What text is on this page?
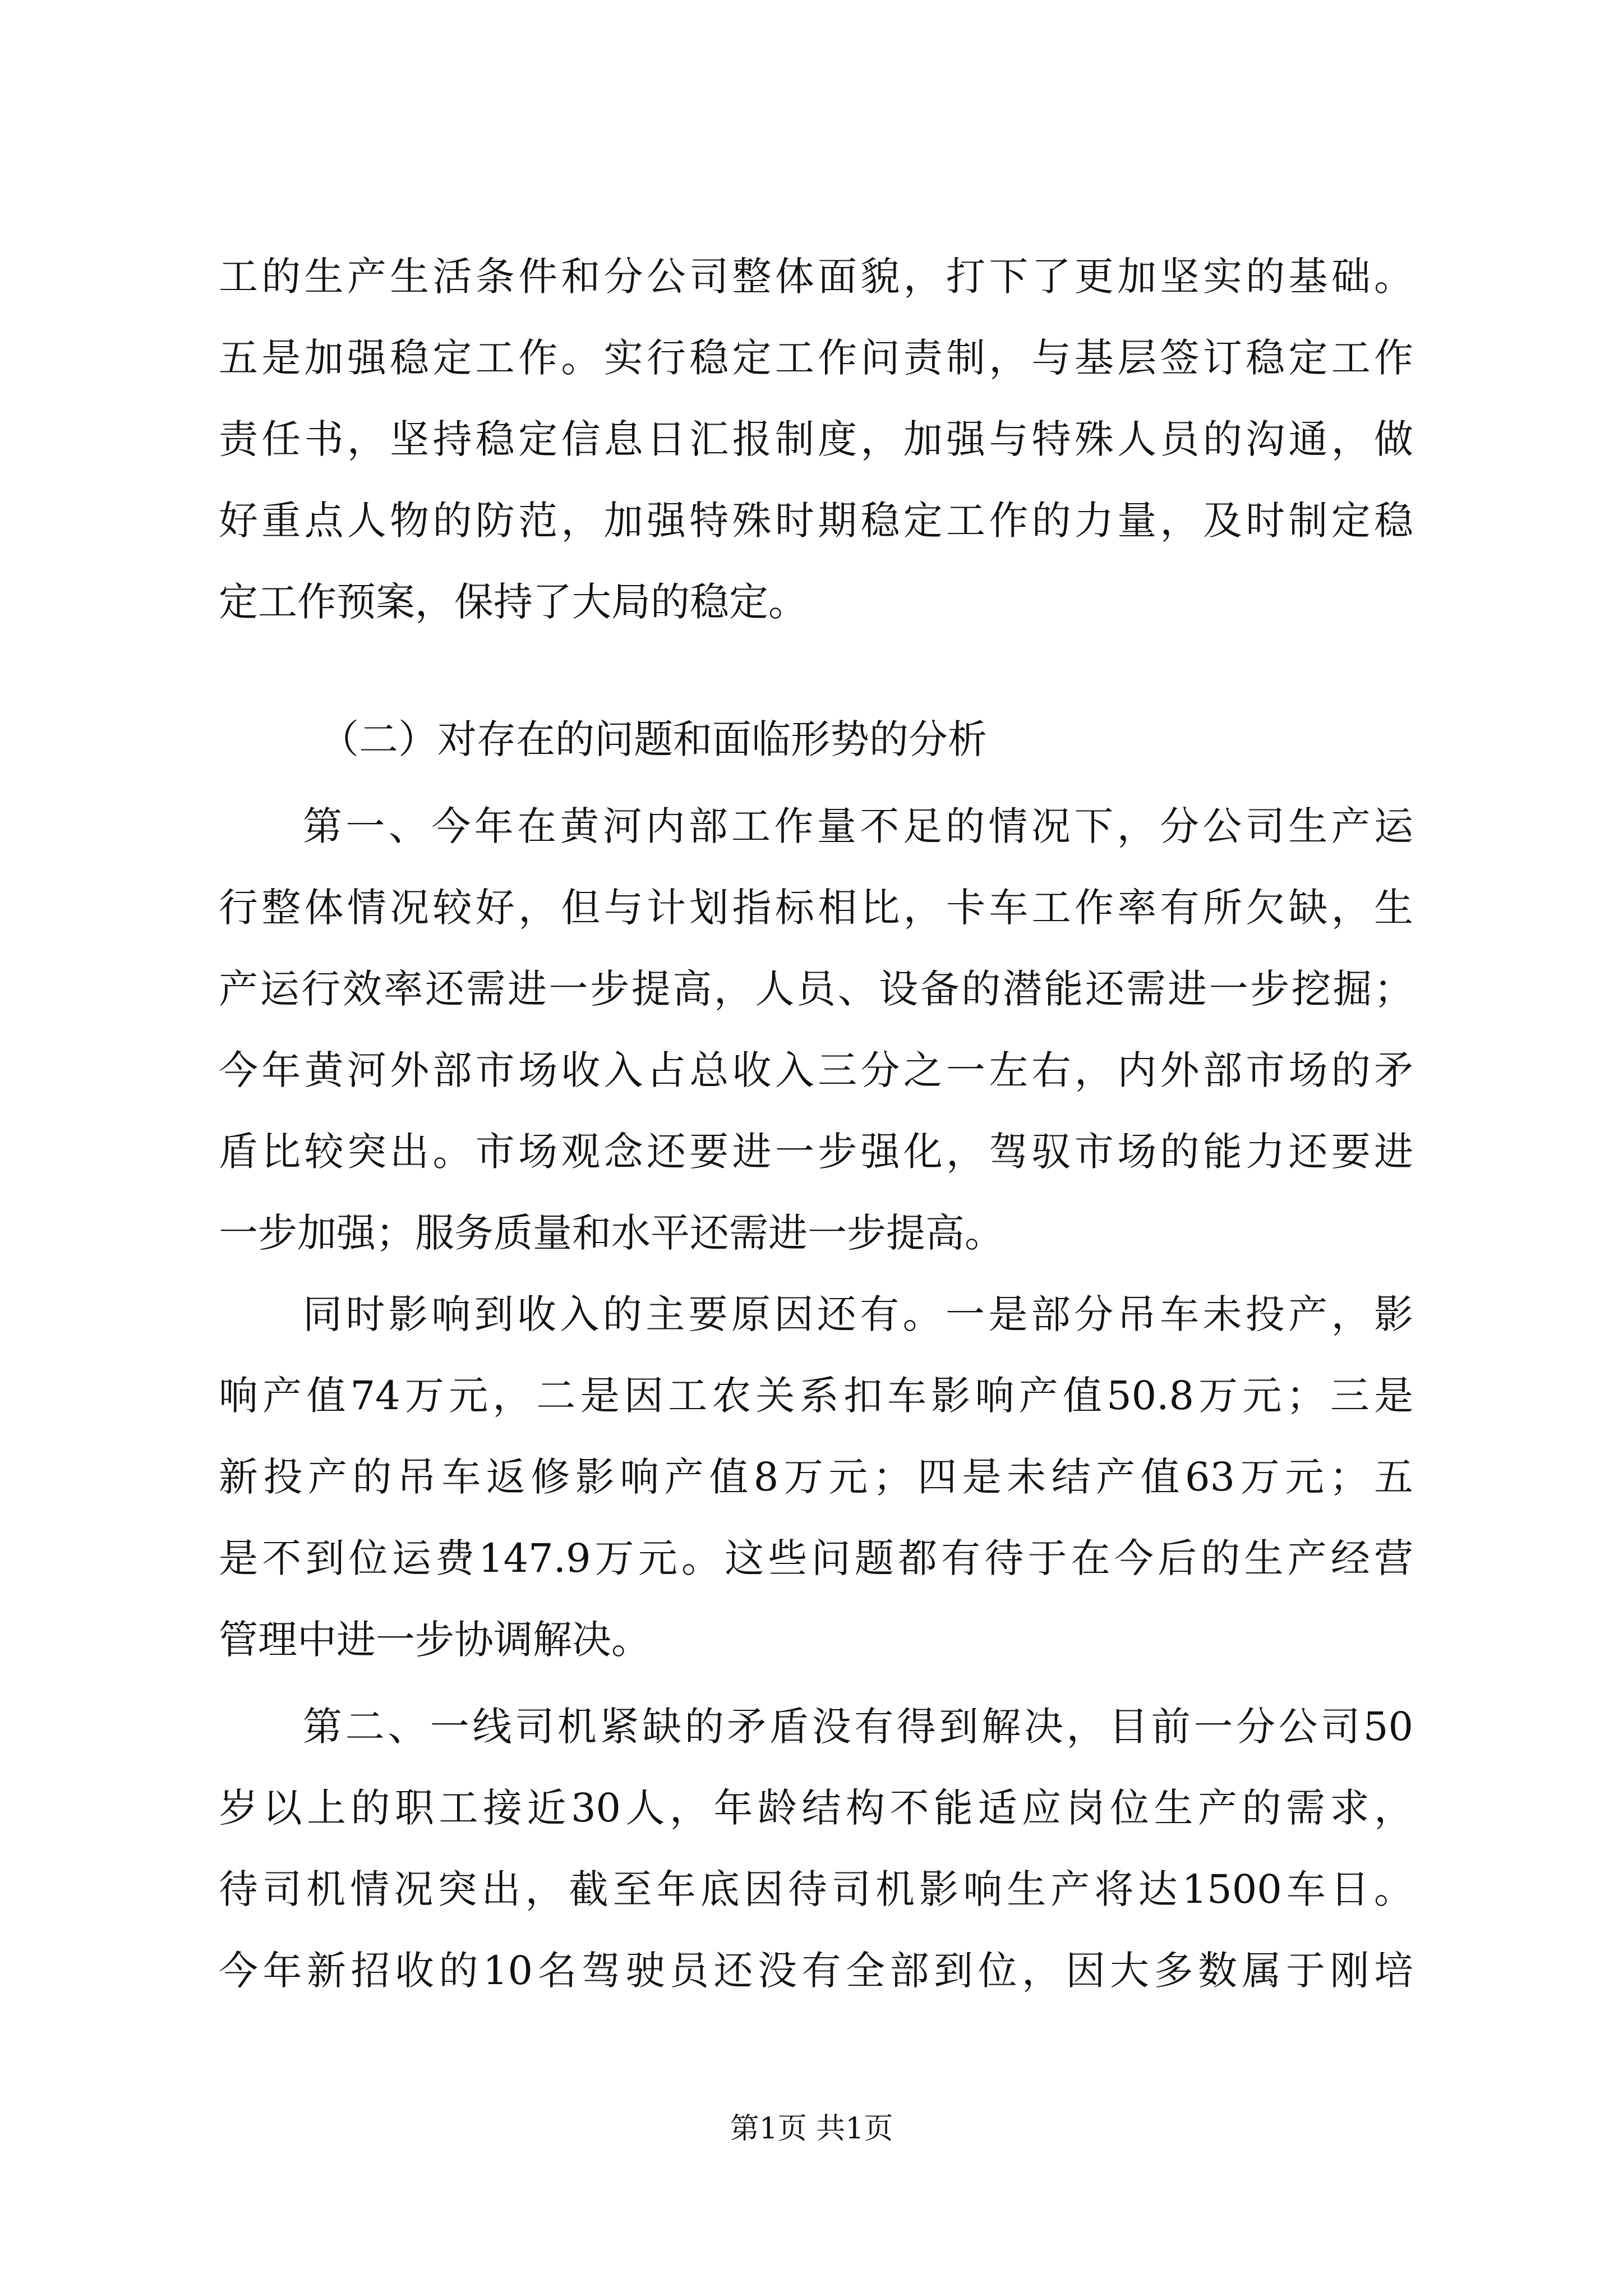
工的生产生活条件和分公司整体面貌，打下了更加坚实的基础。
五是加强稳定工作。实行稳定工作问责制，与基层签订稳定工作
责任书，坚持稳定信息日汇报制度，加强与特殊人员的沟通，做
好重点人物的防范，加强特殊时期稳定工作的力量，及时制定稳
定工作预案，保持了大局的稳定。
（二）对存在的问题和面临形势的分析
第一、今年在黄河内部工作量不足的情况下，分公司生产运
行整体情况较好，但与计划指标相比，卡车工作率有所欠缺，生
产运行效率还需进一步提高，人员、设备的潜能还需进一步挖掘；
今年黄河外部市场收入占总收入三分之一左右，内外部市场的矛
盾比较突出。市场观念还要进一步强化，驾驭市场的能力还要进
一步加强；服务质量和水平还需进一步提高。
同时影响到收入的主要原因还有。一是部分吊车未投产，影
响产值74万元，二是因工农关系扣车影响产值50.8万元；三是
新投产的吊车返修影响产值8万元；四是未结产值63万元；五
是不到位运费147.9万元。这些问题都有待于在今后的生产经营
管理中进一步协调解决。
第二、一线司机紧缺的矛盾没有得到解决，目前一分公司50
岁以上的职工接近30人，年龄结构不能适应岗位生产的需求，
待司机情况突出，截至年底因待司机影响生产将达1500车日。
今年新招收的10名驾驶员还没有全部到位，因大多数属于刚培
第1页 共1页
